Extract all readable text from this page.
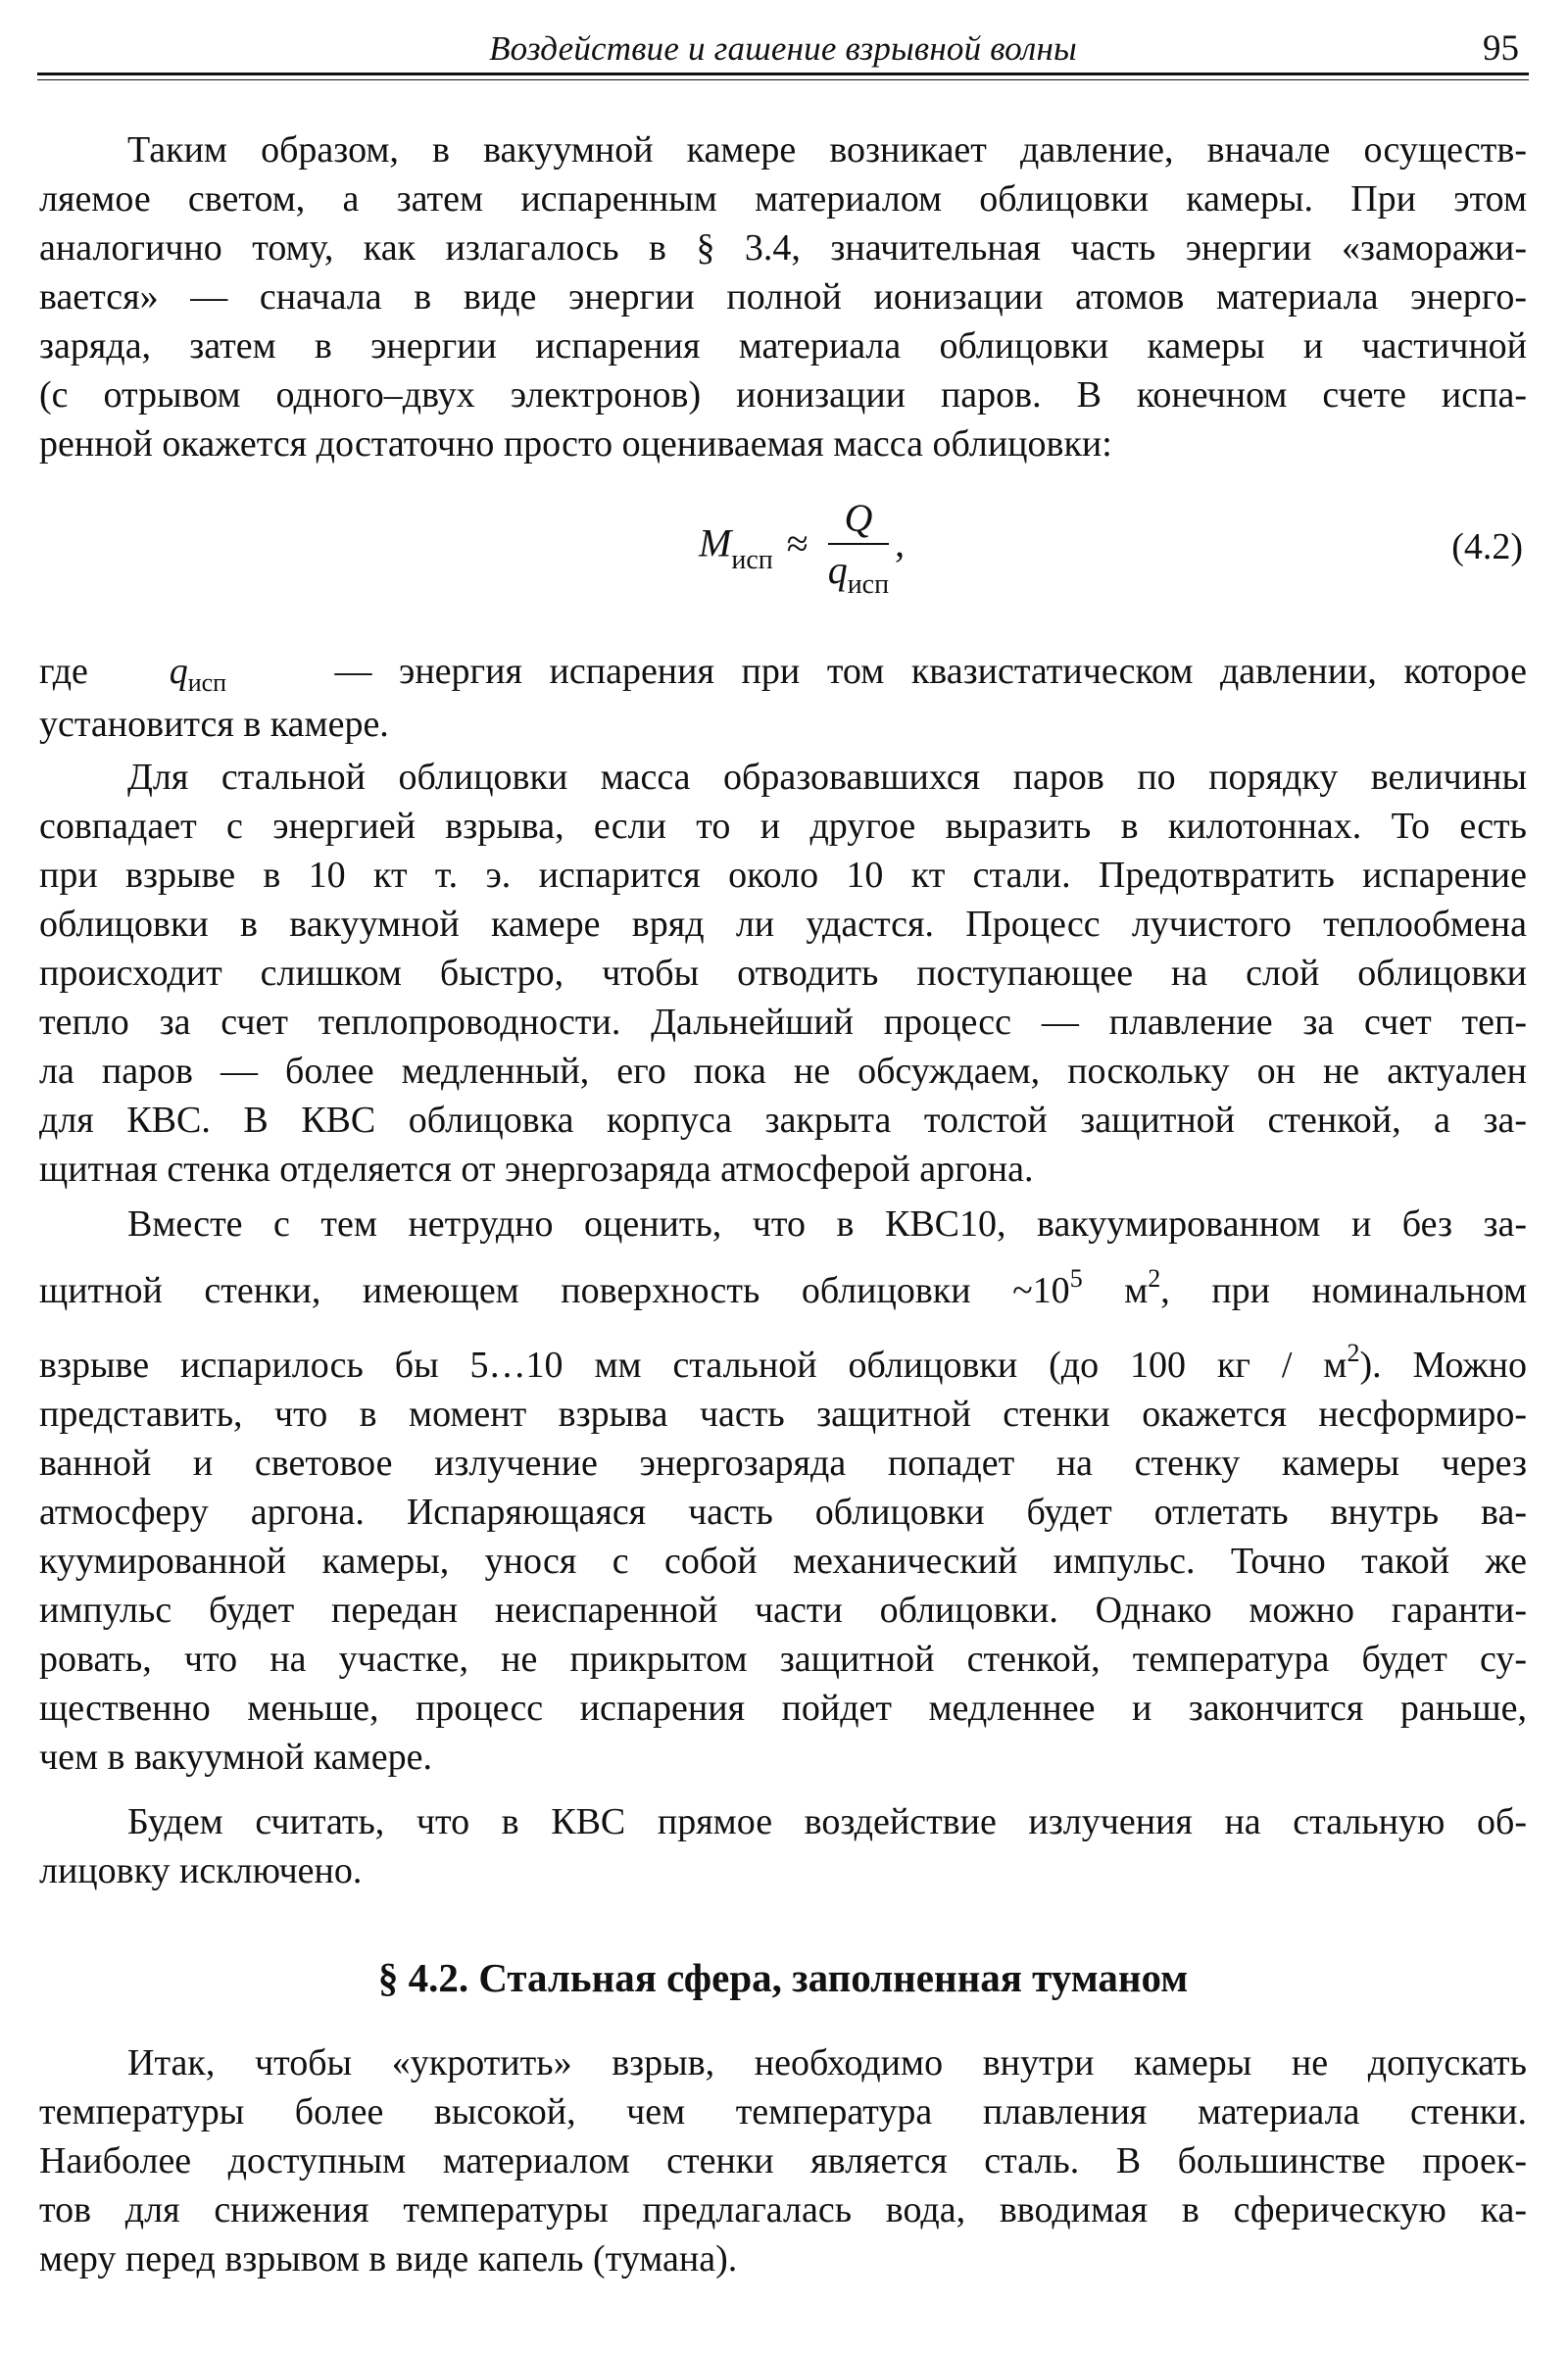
Воздействие и гашение взрывной волны	95
Таким образом, в вакуумной камере возникает давление, вначале осуществ-
ляемое светом, а затем испаренным материалом облицовки камеры. При этом
аналогично тому, как излагалось в § 3.4, значительная часть энергии «заморажи-
вается» — сначала в виде энергии полной ионизации атомов материала энерго-
заряда, затем в энергии испарения материала облицовки камеры и частичной
(с отрывом одного–двух электронов) ионизации паров. В конечном счете испа-
ренной окажется достаточно просто оцениваемая масса облицовки:
$M_{исп} \approx \frac{Q}{q_{исп}}$ ,	(4.2)
где $q_{исп}$	— энергия испарения при том квазистатическом давлении, которое
установится в камере.
Для стальной облицовки масса образовавшихся паров по порядку величины
совпадает с энергией взрыва, если то и другое выразить в килотоннах. То есть
при взрыве в 10 кт т. э. испарится около 10 кт стали. Предотвратить испарение
облицовки в вакуумной камере вряд ли удастся. Процесс лучистого теплообмена
происходит слишком быстро, чтобы отводить поступающее на слой облицовки
тепло за счет теплопроводности. Дальнейший процесс — плавление за счет теп-
ла паров — более медленный, его пока не обсуждаем, поскольку он не актуален
для КВС. В КВС облицовка корпуса закрыта толстой защитной стенкой, а за-
щитная стенка отделяется от энергозаряда атмосферой аргона.
Вместе с тем нетрудно оценить, что в КВС10, вакуумированном и без за-
щитной стенки, имеющем поверхность облицовки $\sim 10^5$ $м^2$, при номинальном
взрыве испарилось бы 5…10 мм стальной облицовки (до 100 кг / $м^2$). Можно
представить, что в момент взрыва часть защитной стенки окажется несформиро-
ванной и световое излучение энергозаряда попадет на стенку камеры через
атмосферу аргона. Испаряющаяся часть облицовки будет отлетать внутрь ва-
куумированной камеры, унося с собой механический импульс. Точно такой же
импульс будет передан неиспаренной части облицовки. Однако можно гаранти-
ровать, что на участке, не прикрытом защитной стенкой, температура будет су-
щественно меньше, процесс испарения пойдет медленнее и закончится раньше,
чем в вакуумной камере.
Будем считать, что в КВС прямое воздействие излучения на стальную об-
лицовку исключено.
§ 4.2. Стальная сфера, заполненная туманом
Итак, чтобы «укротить» взрыв, необходимо внутри камеры не допускать
температуры более высокой, чем температура плавления материала стенки.
Наиболее доступным материалом стенки является сталь. В большинстве проек-
тов для снижения температуры предлагалась вода, вводимая в сферическую ка-
меру перед взрывом в виде капель (тумана).
